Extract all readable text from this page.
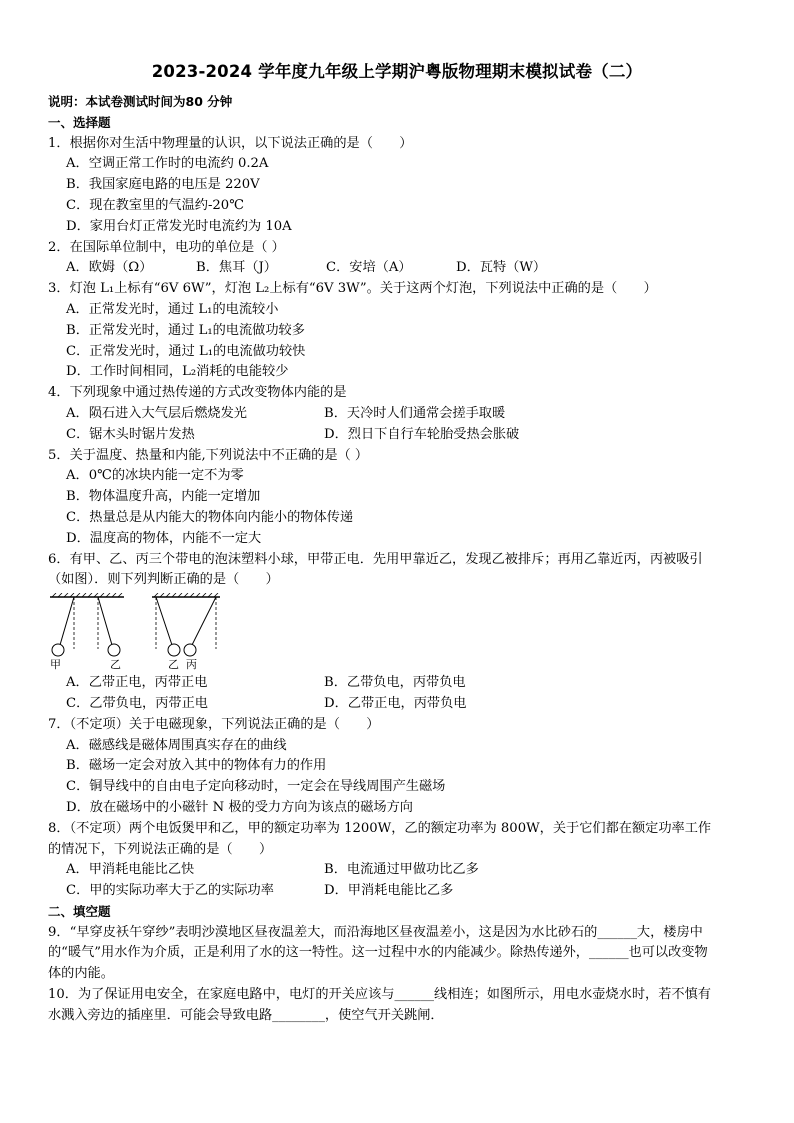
2023-2024 学年度九年级上学期沪粤版物理期末模拟试卷（二）
说明：本试卷测试时间为80 分钟
一、选择题
1．根据你对生活中物理量的认识，以下说法正确的是（　　）
A．空调正常工作时的电流约 0.2A
B．我国家庭电路的电压是 220V
C．现在教室里的气温约-20℃
D．家用台灯正常发光时电流约为 10A
2．在国际单位制中，电功的单位是（ ）
A．欧姆（Ω）	B．焦耳（J）	C．安培（A）	D．瓦特（W）
3．灯泡 L₁上标有“6V 6W”，灯泡 L₂上标有“6V 3W”。关于这两个灯泡，下列说法中正确的是（　　）
A．正常发光时，通过 L₁的电流较小
B．正常发光时，通过 L₁的电流做功较多
C．正常发光时，通过 L₁的电流做功较快
D．工作时间相同，L₂消耗的电能较少
4．下列现象中通过热传递的方式改变物体内能的是
A．陨石进入大气层后燃烧发光	B．天冷时人们通常会搓手取暖
C．锯木头时锯片发热	D．烈日下自行车轮胎受热会胀破
5．关于温度、热量和内能,下列说法中不正确的是（ ）
A．0℃的冰块内能一定不为零
B．物体温度升高，内能一定增加
C．热量总是从内能大的物体向内能小的物体传递
D．温度高的物体，内能不一定大
6．有甲、乙、丙三个带电的泡沫塑料小球，甲带正电．先用甲靠近乙，发现乙被排斥；再用乙靠近丙，丙被吸引
（如图）．则下列判断正确的是（　　）
甲	乙	乙 丙
A．乙带正电，丙带正电	B．乙带负电，丙带负电
C．乙带负电，丙带正电	D．乙带正电，丙带负电
7．（不定项）关于电磁现象，下列说法正确的是（　　）
A．磁感线是磁体周围真实存在的曲线
B．磁场一定会对放入其中的物体有力的作用
C．铜导线中的自由电子定向移动时，一定会在导线周围产生磁场
D．放在磁场中的小磁针 N 极的受力方向为该点的磁场方向
8．（不定项）两个电饭煲甲和乙，甲的额定功率为 1200W，乙的额定功率为 800W，关于它们都在额定功率工作
的情况下，下列说法正确的是（　　）
A．甲消耗电能比乙快	B．电流通过甲做功比乙多
C．甲的实际功率大于乙的实际功率	D．甲消耗电能比乙多
二、填空题
9．“早穿皮袄午穿纱”表明沙漠地区昼夜温差大，而沿海地区昼夜温差小，这是因为水比砂石的______大，楼房中
的“暖气”用水作为介质，正是利用了水的这一特性。这一过程中水的内能减少。除热传递外，______也可以改变物
体的内能。
10．为了保证用电安全，在家庭电路中，电灯的开关应该与______线相连；如图所示，用电水壶烧水时，若不慎有
水溅入旁边的插座里．可能会导致电路________，使空气开关跳闸．
